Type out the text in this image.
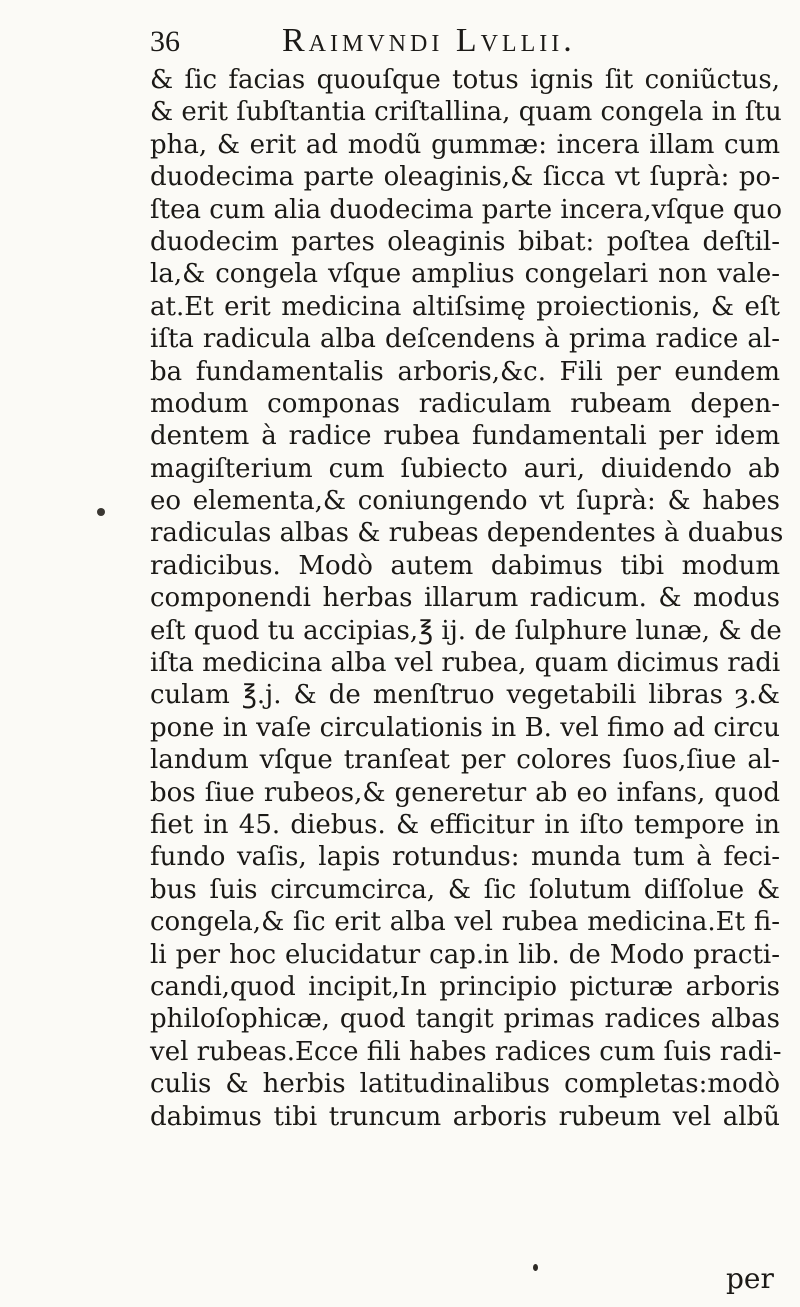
36	Raimvndi Lvllii.
& ſic facias quouſque totus ignis ſit coniũctus,
& erit ſubſtantia criſtallina, quam congela in ſtu
pha, & erit ad modũ gummæ: incera illam cum
duodecima parte oleaginis,& ſicca vt ſuprà: po-
ſtea cum alia duodecima parte incera,vſque quo
duodecim partes oleaginis bibat: poſtea deſtil-
la,& congela vſque amplius congelari non vale-
at.Et erit medicina altiſsimę proiectionis, & eſt
iſta radicula alba deſcendens à prima radice al-
ba fundamentalis arboris,&c. Fili per eundem
modum componas radiculam rubeam depen-
dentem à radice rubea fundamentali per idem
magiſterium cum ſubiecto auri, diuidendo ab
eo elementa,& coniungendo vt ſuprà: & habes
radiculas albas & rubeas dependentes à duabus
radicibus. Modò autem dabimus tibi modum
componendi herbas illarum radicum. & modus
eſt quod tu accipias,℥ ij. de ſulphure lunæ, & de
iſta medicina alba vel rubea, quam dicimus radi
culam ℥.j. & de menſtruo vegetabili libras ȝ.&
pone in vaſe circulationis in B. vel fimo ad circu
landum vſque tranſeat per colores ſuos,ſiue al-
bos ſiue rubeos,& generetur ab eo infans, quod
fiet in 45. diebus. & efficitur in iſto tempore in
fundo vaſis, lapis rotundus: munda tum à feci-
bus ſuis circumcirca, & ſic ſolutum diſſolue &
congela,& ſic erit alba vel rubea medicina.Et fi-
li per hoc elucidatur cap.in lib. de Modo practi-
candi,quod incipit,In principio picturæ arboris
philoſophicæ, quod tangit primas radices albas
vel rubeas.Ecce fili habes radices cum ſuis radi-
culis & herbis latitudinalibus completas:modò
dabimus tibi truncum arboris rubeum vel albũ
per
